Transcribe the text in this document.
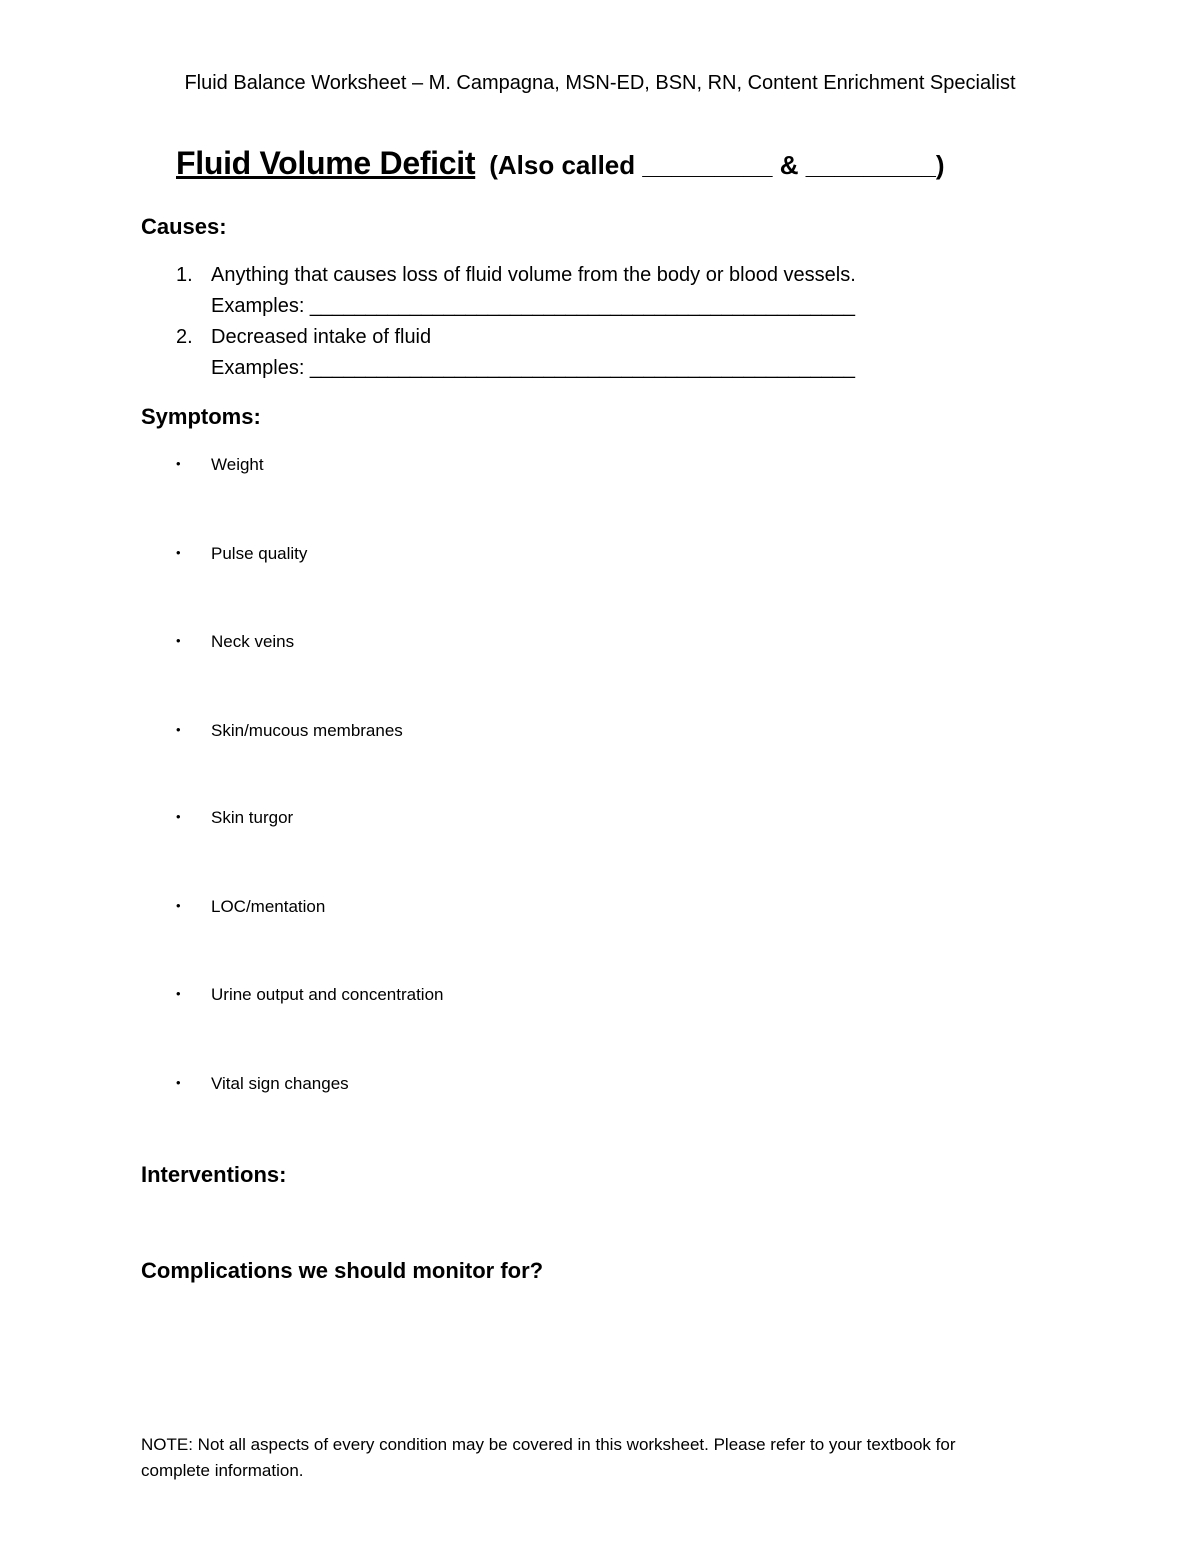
Fluid Balance Worksheet – M. Campagna, MSN-ED, BSN, RN, Content Enrichment Specialist
Fluid Volume Deficit (Also called _________ & _________)
Causes:
1. Anything that causes loss of fluid volume from the body or blood vessels.
Examples: _________________________________________________
2. Decreased intake of fluid
Examples: _________________________________________________
Symptoms:
• Weight
• Pulse quality
• Neck veins
• Skin/mucous membranes
• Skin turgor
• LOC/mentation
• Urine output and concentration
• Vital sign changes
Interventions:
Complications we should monitor for?
NOTE: Not all aspects of every condition may be covered in this worksheet. Please refer to your textbook for complete information.
